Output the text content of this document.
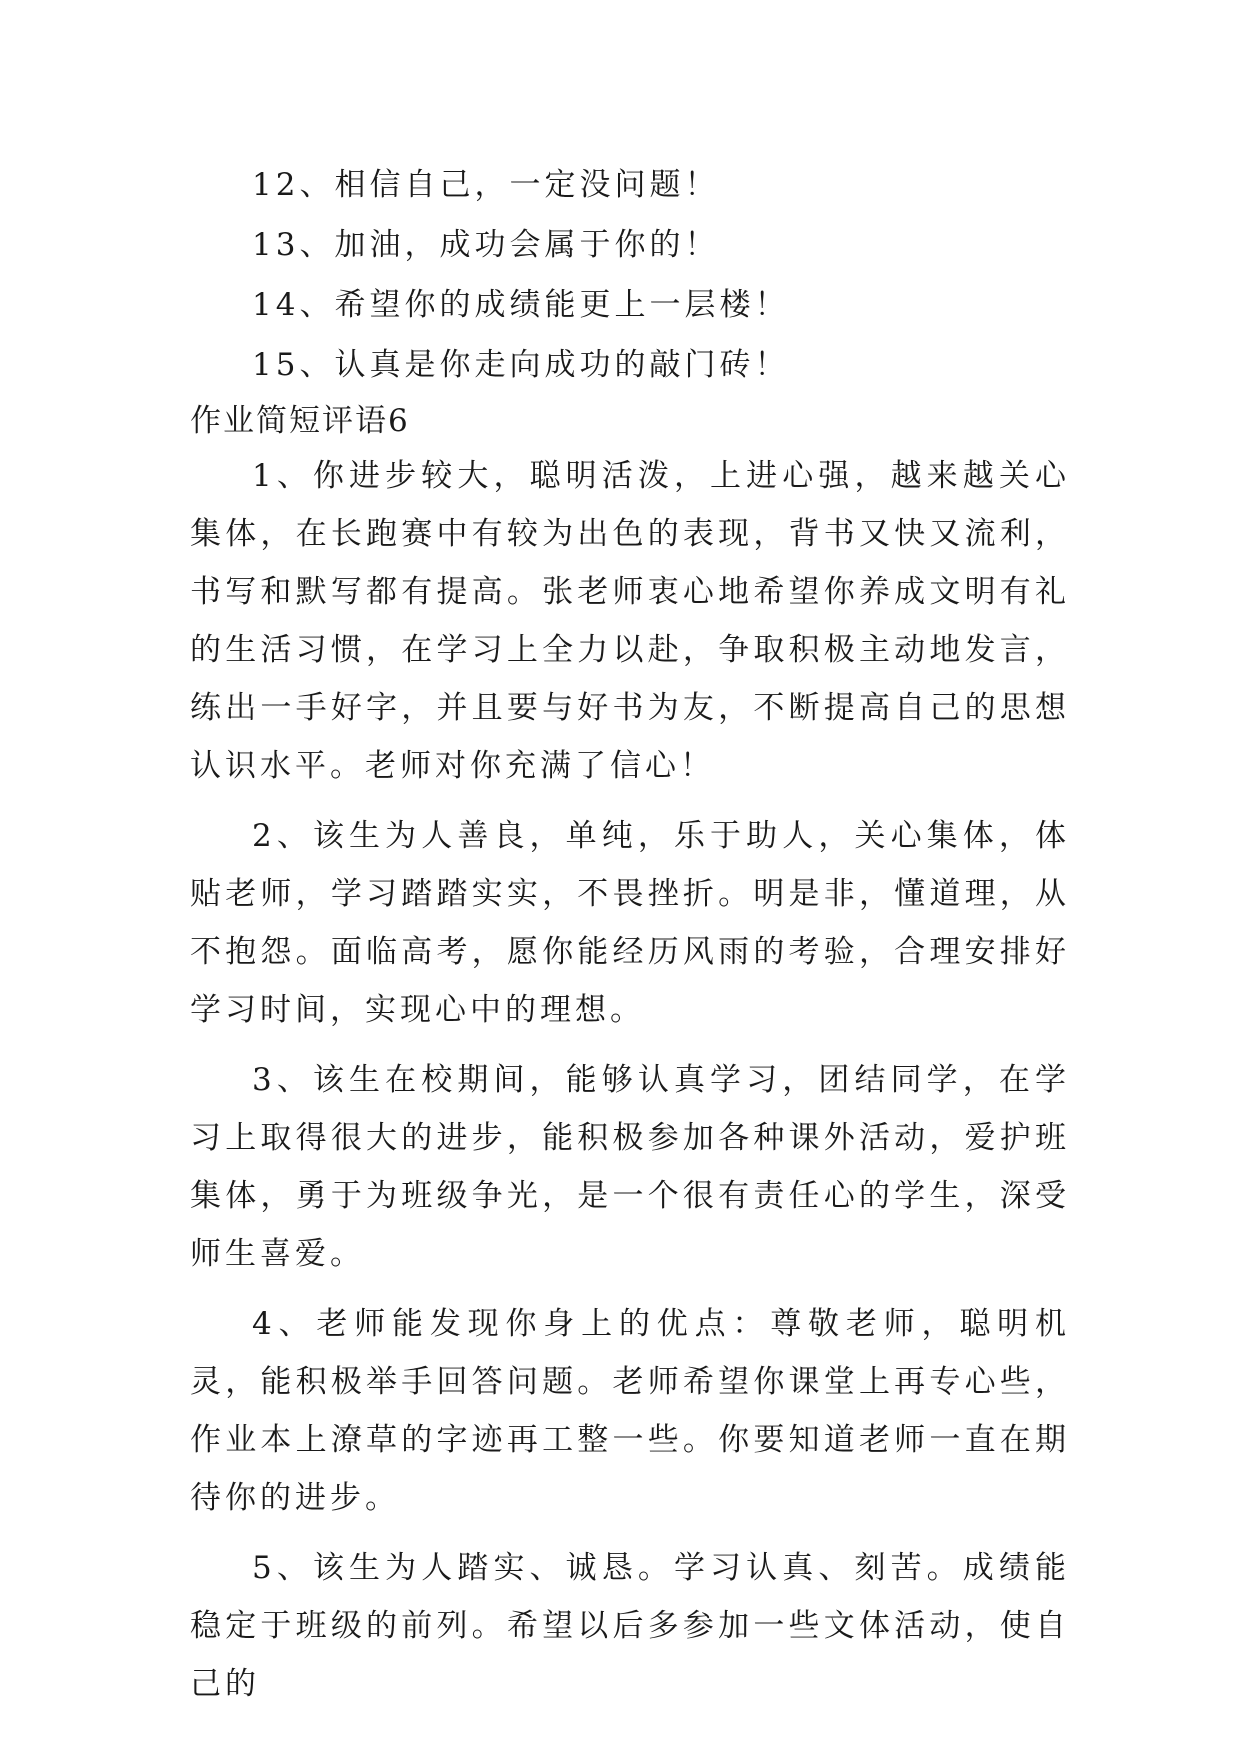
12、相信自己，一定没问题！

13、加油，成功会属于你的！

14、希望你的成绩能更上一层楼！

15、认真是你走向成功的敲门砖！

作业简短评语6

1、你进步较大，聪明活泼，上进心强，越来越关心集体，在长跑赛中有较为出色的表现，背书又快又流利，书写和默写都有提高。张老师衷心地希望你养成文明有礼的生活习惯，在学习上全力以赴，争取积极主动地发言，练出一手好字，并且要与好书为友，不断提高自己的思想认识水平。老师对你充满了信心！

2、该生为人善良，单纯，乐于助人，关心集体，体贴老师，学习踏踏实实，不畏挫折。明是非，懂道理，从不抱怨。面临高考，愿你能经历风雨的考验，合理安排好学习时间，实现心中的理想。

3、该生在校期间，能够认真学习，团结同学，在学习上取得很大的进步，能积极参加各种课外活动，爱护班集体，勇于为班级争光，是一个很有责任心的学生，深受师生喜爱。

4、老师能发现你身上的优点：尊敬老师，聪明机灵，能积极举手回答问题。老师希望你课堂上再专心些，作业本上潦草的字迹再工整一些。你要知道老师一直在期待你的进步。

5、该生为人踏实、诚恳。学习认真、刻苦。成绩能稳定于班级的前列。希望以后多参加一些文体活动，使自己的
